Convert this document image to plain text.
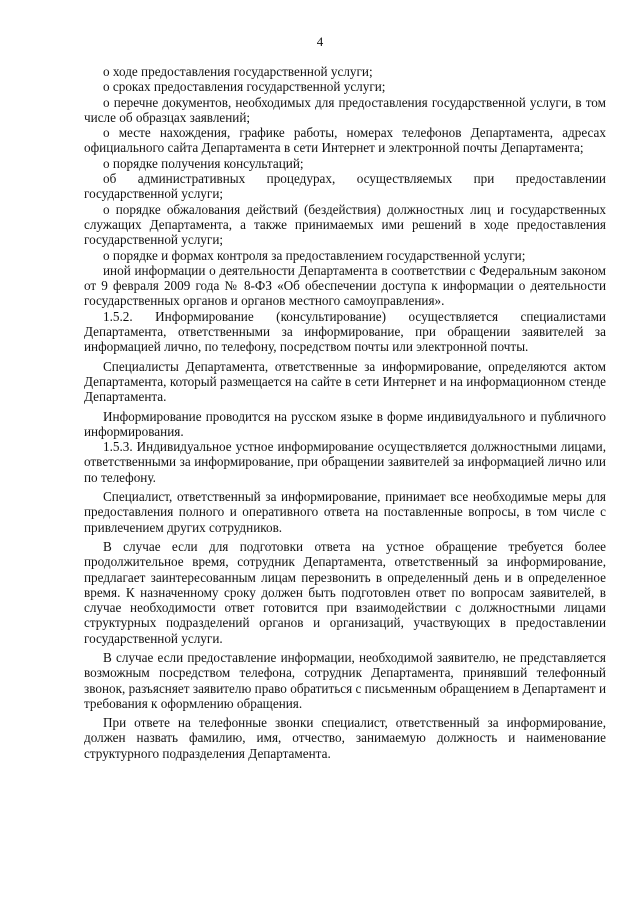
4

о ходе предоставления государственной услуги;

о сроках предоставления государственной услуги;

о перечне документов, необходимых для предоставления государственной услуги, в том числе об образцах заявлений;

о месте нахождения, графике работы, номерах телефонов Департамента, адресах официального сайта Департамента в сети Интернет и электронной почты Департамента;

о порядке получения консультаций;

об административных процедурах, осуществляемых при предоставлении государственной услуги;

о порядке обжалования действий (бездействия) должностных лиц и государственных служащих Департамента, а также принимаемых ими решений в ходе предоставления государственной услуги;

о порядке и формах контроля за предоставлением государственной услуги;

иной информации о деятельности Департамента в соответствии с Федеральным законом от 9 февраля 2009 года № 8-ФЗ «Об обеспечении доступа к информации о деятельности государственных органов и органов местного самоуправления».

1.5.2. Информирование (консультирование) осуществляется специалистами Департамента, ответственными за информирование, при обращении заявителей за информацией лично, по телефону, посредством почты или электронной почты.

Специалисты Департамента, ответственные за информирование, определяются актом Департамента, который размещается на сайте в сети Интернет и на информационном стенде Департамента.

Информирование проводится на русском языке в форме индивидуального и публичного информирования.

1.5.3. Индивидуальное устное информирование осуществляется должностными лицами, ответственными за информирование, при обращении заявителей за информацией лично или по телефону.

Специалист, ответственный за информирование, принимает все необходимые меры для предоставления полного и оперативного ответа на поставленные вопросы, в том числе с привлечением других сотрудников.

В случае если для подготовки ответа на устное обращение требуется более продолжительное время, сотрудник Департамента, ответственный за информирование, предлагает заинтересованным лицам перезвонить в определенный день и в определенное время. К назначенному сроку должен быть подготовлен ответ по вопросам заявителей, в случае необходимости ответ готовится при взаимодействии с должностными лицами структурных подразделений органов и организаций, участвующих в предоставлении государственной услуги.

В случае если предоставление информации, необходимой заявителю, не представляется возможным посредством телефона, сотрудник Департамента, принявший телефонный звонок, разъясняет заявителю право обратиться с письменным обращением в Департамент и требования к оформлению обращения.

При ответе на телефонные звонки специалист, ответственный за информирование, должен назвать фамилию, имя, отчество, занимаемую должность и наименование структурного подразделения Департамента.
